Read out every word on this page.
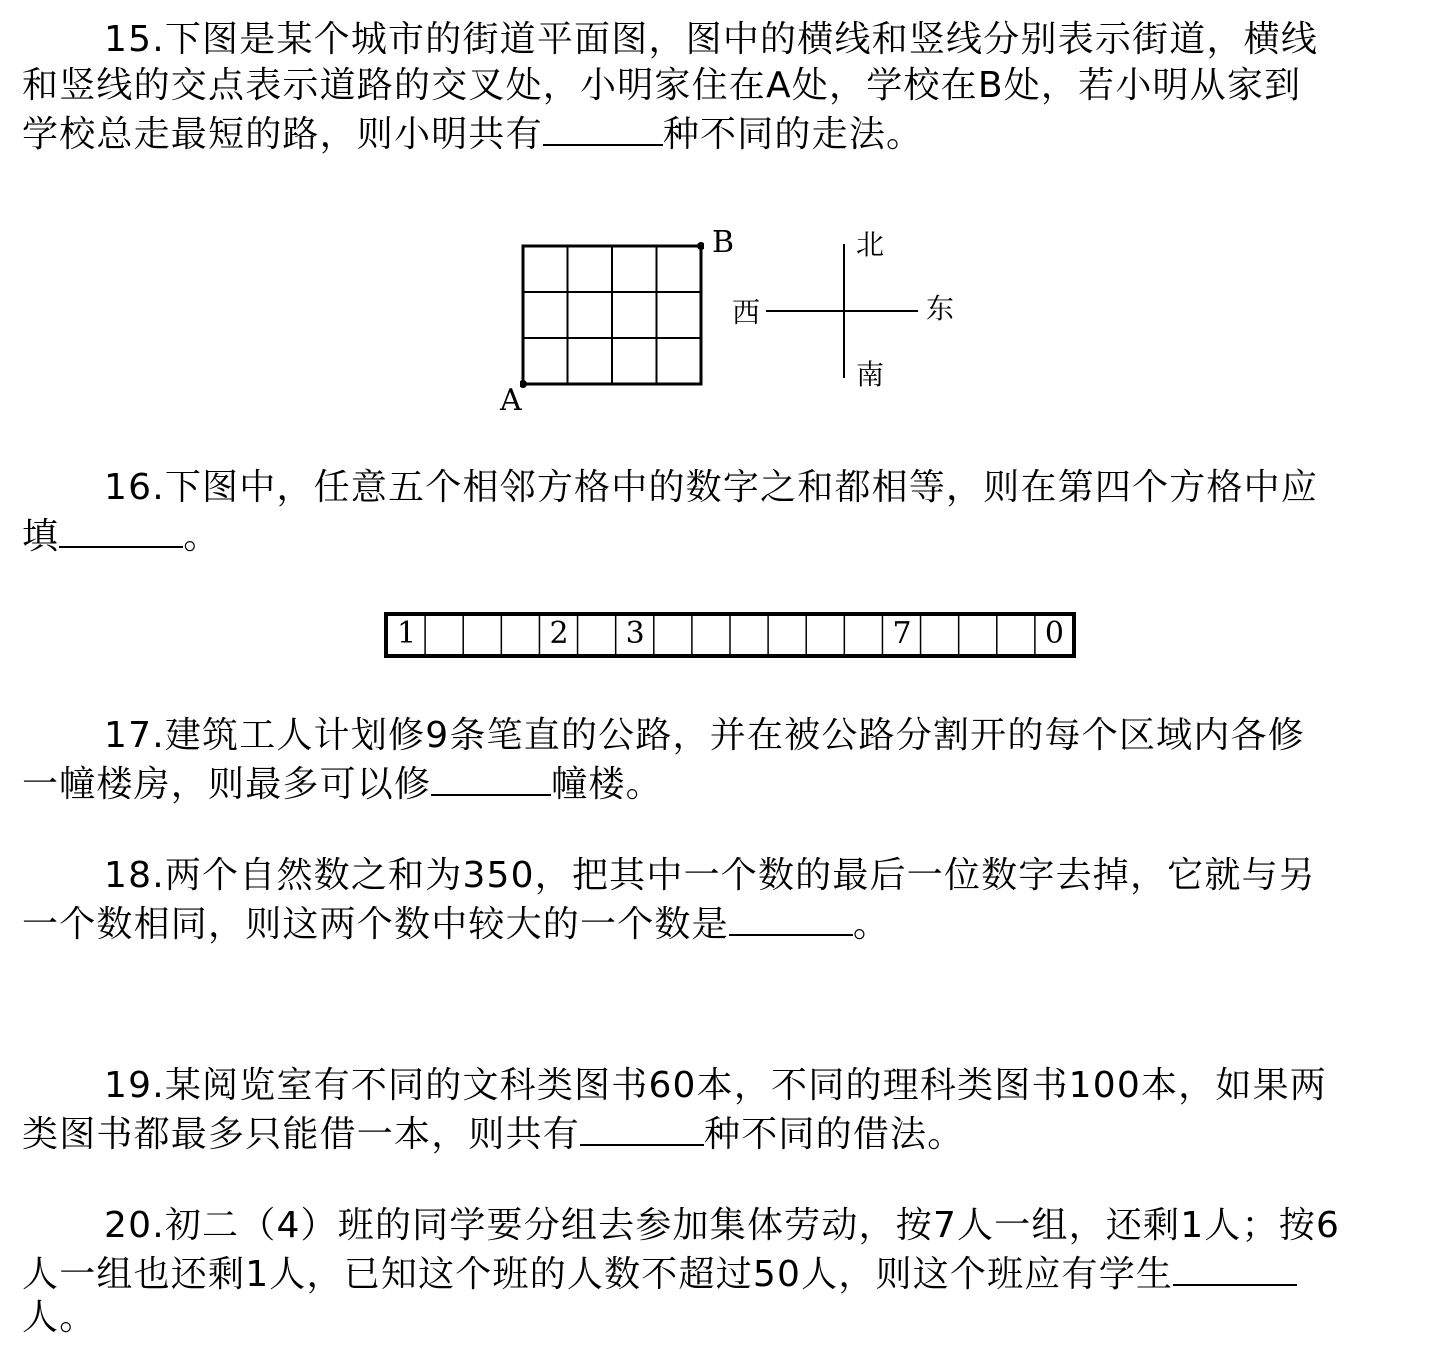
15.下图是某个城市的街道平面图，图中的横线和竖线分别表示街道，横线
和竖线的交点表示道路的交叉处，小明家住在A处，学校在B处，若小明从家到
学校总走最短的路，则小明共有	种不同的走法。
A
B	北
南
西	东
16.下图中，任意五个相邻方格中的数字之和都相等，则在第四个方格中应
填	。
1	2 3	7	0
17.建筑工人计划修9条笔直的公路，并在被公路分割开的每个区域内各修
一幢楼房，则最多可以修	幢楼。
18.两个自然数之和为350，把其中一个数的最后一位数字去掉，它就与另
一个数相同，则这两个数中较大的一个数是	。
19.某阅览室有不同的文科类图书60本，不同的理科类图书100本，如果两
类图书都最多只能借一本，则共有	种不同的借法。
20.初二（4）班的同学要分组去参加集体劳动，按7人一组，还剩1人；按6
人一组也还剩1人，已知这个班的人数不超过50人，则这个班应有学生
人。
